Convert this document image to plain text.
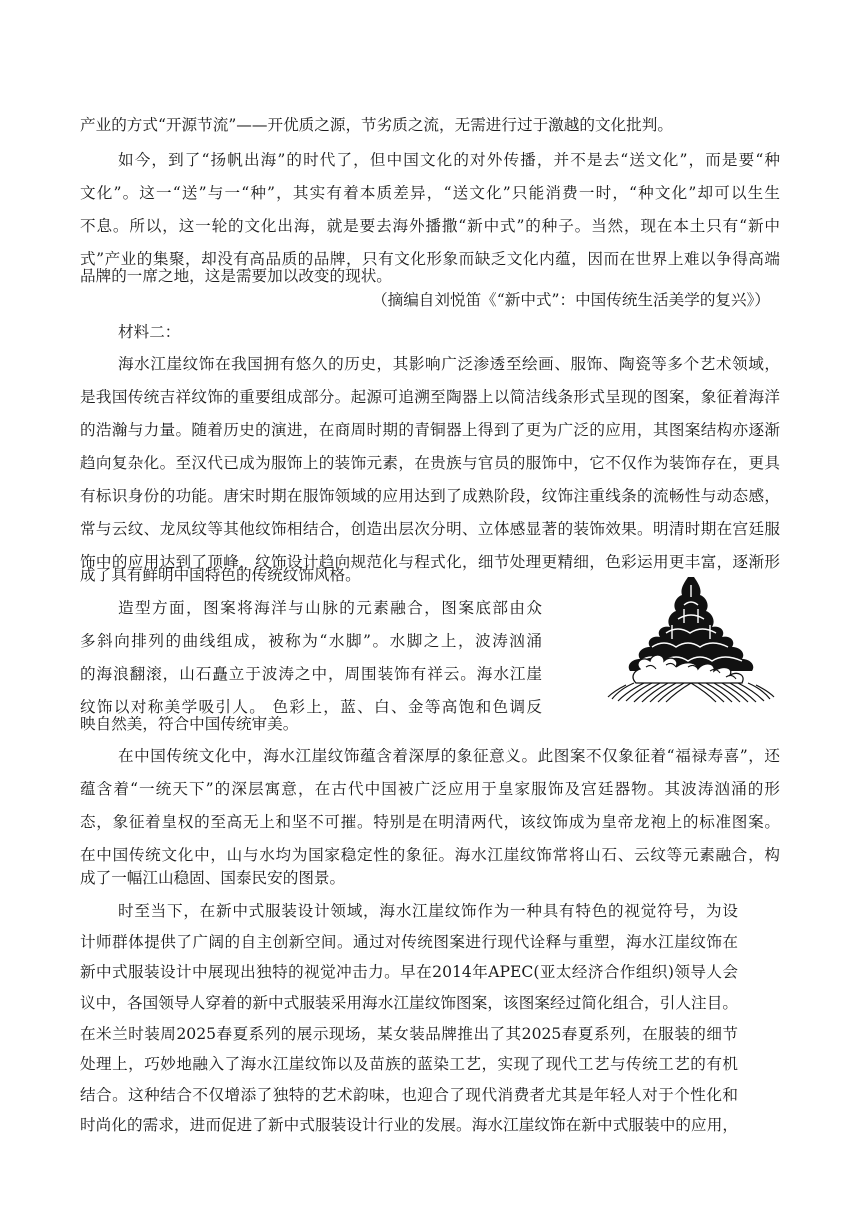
产业的方式“开源节流”——开优质之源，节劣质之流，无需进行过于激越的文化批判。

如今，到了“扬帆出海”的时代了，但中国文化的对外传播，并不是去“送文化”，而是要“种

文化”。这一“送”与一“种”，其实有着本质差异，“送文化”只能消费一时，“种文化”却可以生生

不息。所以，这一轮的文化出海，就是要去海外播撒“新中式”的种子。当然，现在本土只有“新中

式”产业的集聚，却没有高品质的品牌，只有文化形象而缺乏文化内蕴，因而在世界上难以争得高端

品牌的一席之地，这是需要加以改变的现状。

（摘编自刘悦笛《“新中式”：中国传统生活美学的复兴》）

材料二：

海水江崖纹饰在我国拥有悠久的历史，其影响广泛渗透至绘画、服饰、陶瓷等多个艺术领域，

是我国传统吉祥纹饰的重要组成部分。起源可追溯至陶器上以简洁线条形式呈现的图案，象征着海洋

的浩瀚与力量。随着历史的演进，在商周时期的青铜器上得到了更为广泛的应用，其图案结构亦逐渐

趋向复杂化。至汉代已成为服饰上的装饰元素，在贵族与官员的服饰中，它不仅作为装饰存在，更具

有标识身份的功能。唐宋时期在服饰领域的应用达到了成熟阶段，纹饰注重线条的流畅性与动态感，

常与云纹、龙凤纹等其他纹饰相结合，创造出层次分明、立体感显著的装饰效果。明清时期在宫廷服

饰中的应用达到了顶峰，纹饰设计趋向规范化与程式化，细节处理更精细，色彩运用更丰富，逐渐形

成了具有鲜明中国特色的传统纹饰风格。

造型方面，图案将海洋与山脉的元素融合，图案底部由众

多斜向排列的曲线组成，被称为“水脚”。水脚之上，波涛汹涌

的海浪翻滚，山石矗立于波涛之中，周围装饰有祥云。海水江崖

纹饰以对称美学吸引人。 色彩上，蓝、白、金等高饱和色调反

映自然美，符合中国传统审美。

在中国传统文化中，海水江崖纹饰蕴含着深厚的象征意义。此图案不仅象征着“福禄寿喜”，还

蕴含着“一统天下”的深层寓意，在古代中国被广泛应用于皇家服饰及宫廷器物。其波涛汹涌的形

态，象征着皇权的至高无上和坚不可摧。特别是在明清两代，该纹饰成为皇帝龙袍上的标准图案。

在中国传统文化中，山与水均为国家稳定性的象征。海水江崖纹饰常将山石、云纹等元素融合，构

成了一幅江山稳固、国泰民安的图景。

时至当下，在新中式服装设计领域，海水江崖纹饰作为一种具有特色的视觉符号，为设

计师群体提供了广阔的自主创新空间。通过对传统图案进行现代诠释与重塑，海水江崖纹饰在

新中式服装设计中展现出独特的视觉冲击力。早在2014年APEC(亚太经济合作组织)领导人会

议中，各国领导人穿着的新中式服装采用海水江崖纹饰图案，该图案经过简化组合，引人注目。

在米兰时装周2025春夏系列的展示现场，某女装品牌推出了其2025春夏系列，在服装的细节

处理上，巧妙地融入了海水江崖纹饰以及苗族的蓝染工艺，实现了现代工艺与传统工艺的有机

结合。这种结合不仅增添了独特的艺术韵味，也迎合了现代消费者尤其是年轻人对于个性化和

时尚化的需求，进而促进了新中式服装设计行业的发展。海水江崖纹饰在新中式服装中的应用，
